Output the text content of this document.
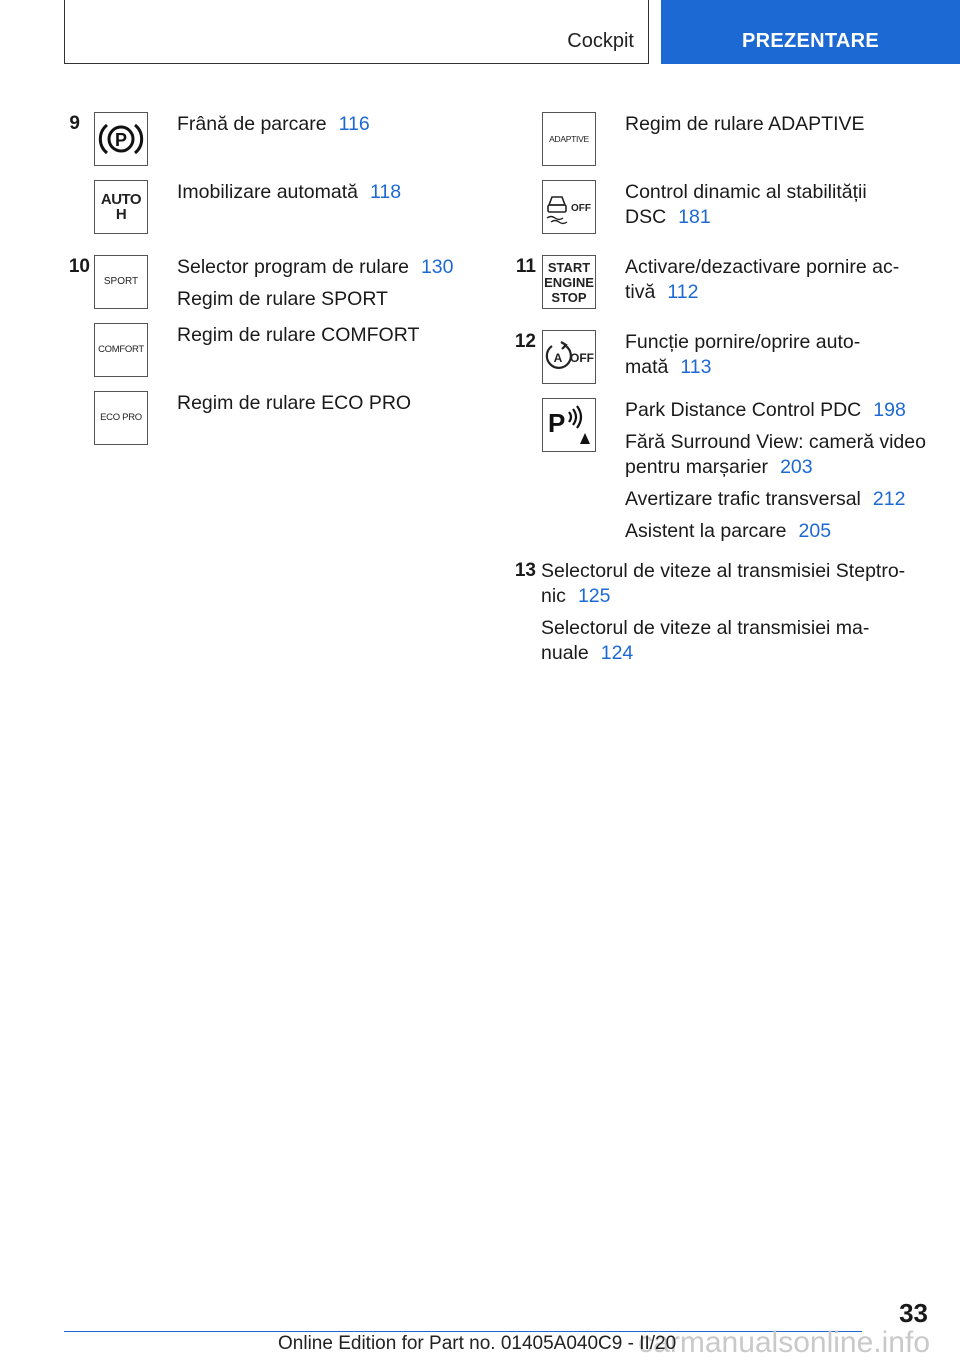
Cockpit	PREZENTARE
9
P
Frână de parcare 116
AUTO H
Imobilizare automată 118
10
SPORT
Selector program de rulare 130
Regim de rulare SPORT
COMFORT
Regim de rulare COMFORT
ECO PRO
Regim de rulare ECO PRO
ADAPTIVE
Regim de rulare ADAPTIVE
OFF
Control dinamic al stabilității
DSC 181
11 START
ENGINE
STOP
Activare/dezactivare pornire ac-
tivă 112
12
A OFF
Funcție pornire/oprire auto-
mată 113
P	Park Distance Control PDC 198
Fără Surround View: cameră video
pentru marșarier 203
Avertizare trafic transversal 212
Asistent la parcare 205
13 Selectorul de viteze al transmisiei Steptro-
nic 125
Selectorul de viteze al transmisiei ma-
nuale 124
33
carmanualsonline.info
Online Edition for Part no. 01405A040C9 - II/20
